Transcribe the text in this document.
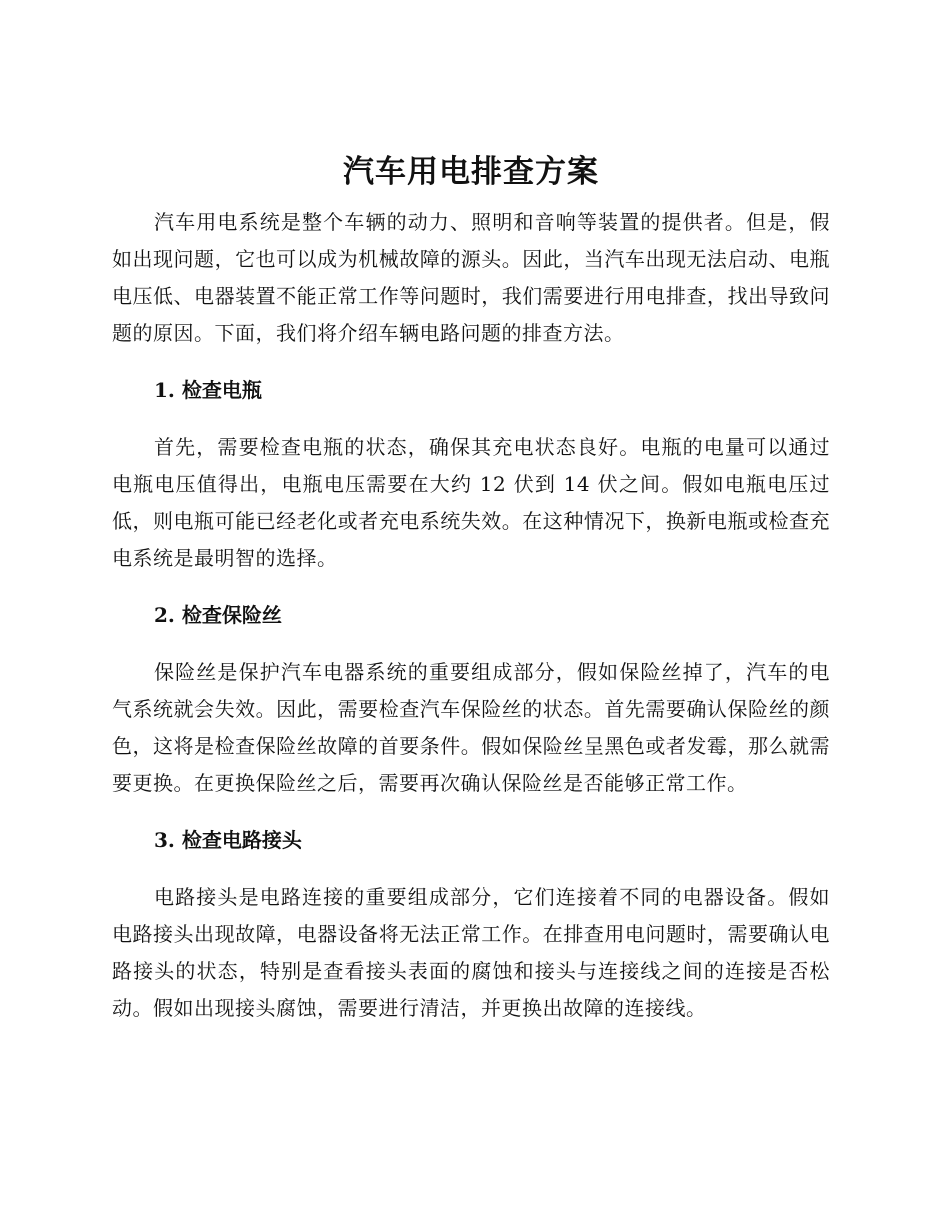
汽车用电排查方案

汽车用电系统是整个车辆的动力、照明和音响等装置的提供者。但是，假如出现问题，它也可以成为机械故障的源头。因此，当汽车出现无法启动、电瓶电压低、电器装置不能正常工作等问题时，我们需要进行用电排查，找出导致问题的原因。下面，我们将介绍车辆电路问题的排查方法。

1. 检查电瓶

首先，需要检查电瓶的状态，确保其充电状态良好。电瓶的电量可以通过电瓶电压值得出，电瓶电压需要在大约 12 伏到 14 伏之间。假如电瓶电压过低，则电瓶可能已经老化或者充电系统失效。在这种情况下，换新电瓶或检查充电系统是最明智的选择。

2. 检查保险丝

保险丝是保护汽车电器系统的重要组成部分，假如保险丝掉了，汽车的电气系统就会失效。因此，需要检查汽车保险丝的状态。首先需要确认保险丝的颜色，这将是检查保险丝故障的首要条件。假如保险丝呈黑色或者发霉，那么就需要更换。在更换保险丝之后，需要再次确认保险丝是否能够正常工作。

3. 检查电路接头

电路接头是电路连接的重要组成部分，它们连接着不同的电器设备。假如电路接头出现故障，电器设备将无法正常工作。在排查用电问题时，需要确认电路接头的状态，特别是查看接头表面的腐蚀和接头与连接线之间的连接是否松动。假如出现接头腐蚀，需要进行清洁，并更换出故障的连接线。
